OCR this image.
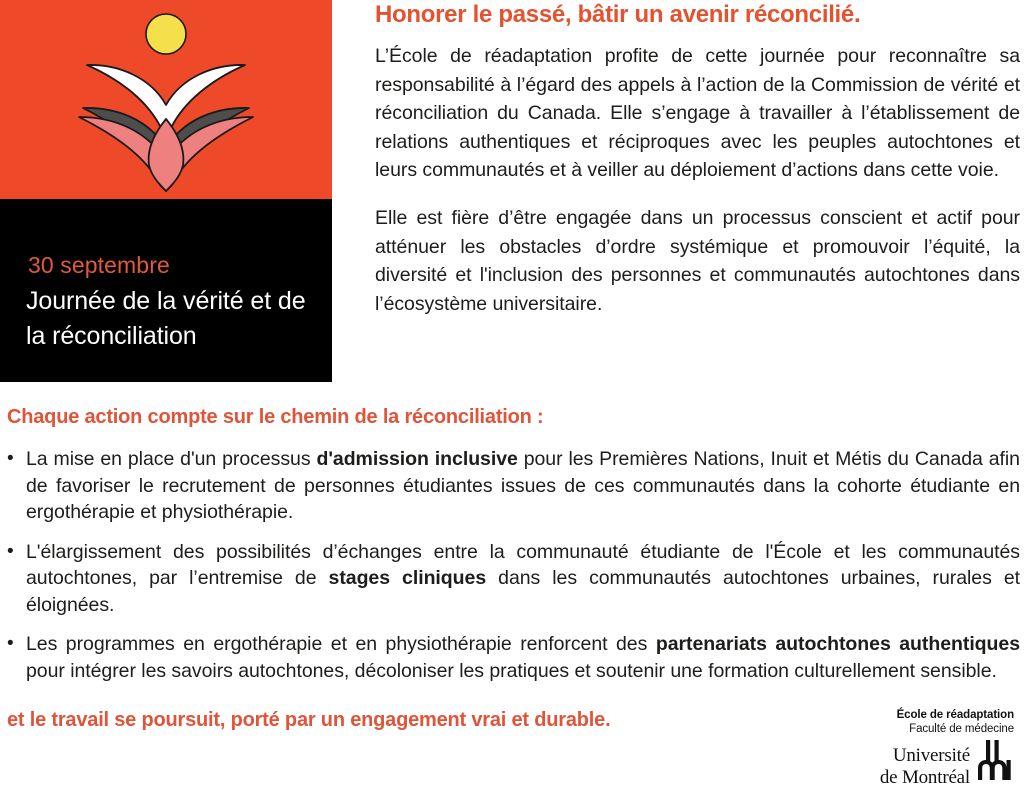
30 septembre
Journée de la vérité et de la réconciliation
Honorer le passé, bâtir un avenir réconcilié.

L’École de réadaptation profite de cette journée pour reconnaître sa responsabilité à l’égard des appels à l’action de la Commission de vérité et réconciliation du Canada. Elle s’engage à travailler à l’établissement de relations authentiques et réciproques avec les peuples autochtones et leurs communautés et à veiller au déploiement d’actions dans cette voie.

Elle est fière d’être engagée dans un processus conscient et actif pour atténuer les obstacles d’ordre systémique et promouvoir l’équité, la diversité et l'inclusion des personnes et communautés autochtones dans l’écosystème universitaire.

Chaque action compte sur le chemin de la réconciliation :
• La mise en place d'un processus d'admission inclusive pour les Premières Nations, Inuit et Métis du Canada afin de favoriser le recrutement de personnes étudiantes issues de ces communautés dans la cohorte étudiante en ergothérapie et physiothérapie.
• L'élargissement des possibilités d’échanges entre la communauté étudiante de l'École et les communautés autochtones, par l’entremise de stages cliniques dans les communautés autochtones urbaines, rurales et éloignées.
• Les programmes en ergothérapie et en physiothérapie renforcent des partenariats autochtones authentiques pour intégrer les savoirs autochtones, décoloniser les pratiques et soutenir une formation culturellement sensible.
et le travail se poursuit, porté par un engagement vrai et durable.	École de réadaptation
Faculté de médecine
Université
de Montréal
